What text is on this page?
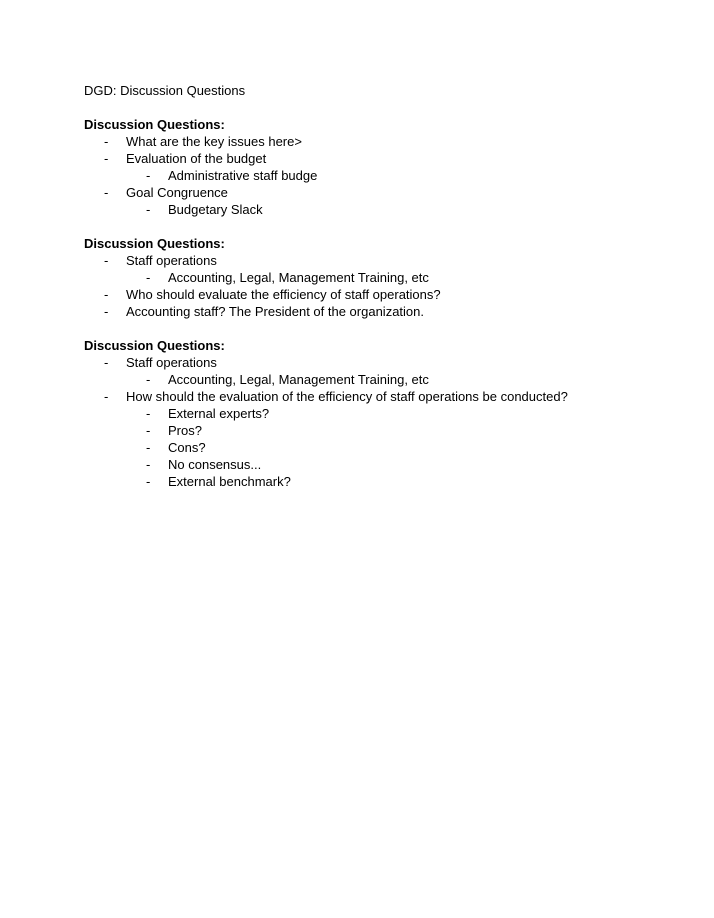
DGD: Discussion Questions
Discussion Questions:
- What are the key issues here>
- Evaluation of the budget
- Administrative staff budge
- Goal Congruence
- Budgetary Slack
Discussion Questions:
- Staff operations
- Accounting, Legal, Management Training, etc
- Who should evaluate the efficiency of staff operations?
- Accounting staff? The President of the organization.
Discussion Questions:
- Staff operations
- Accounting, Legal, Management Training, etc
- How should the evaluation of the efficiency of staff operations be conducted?
- External experts?
- Pros?
- Cons?
- No consensus...
- External benchmark?
